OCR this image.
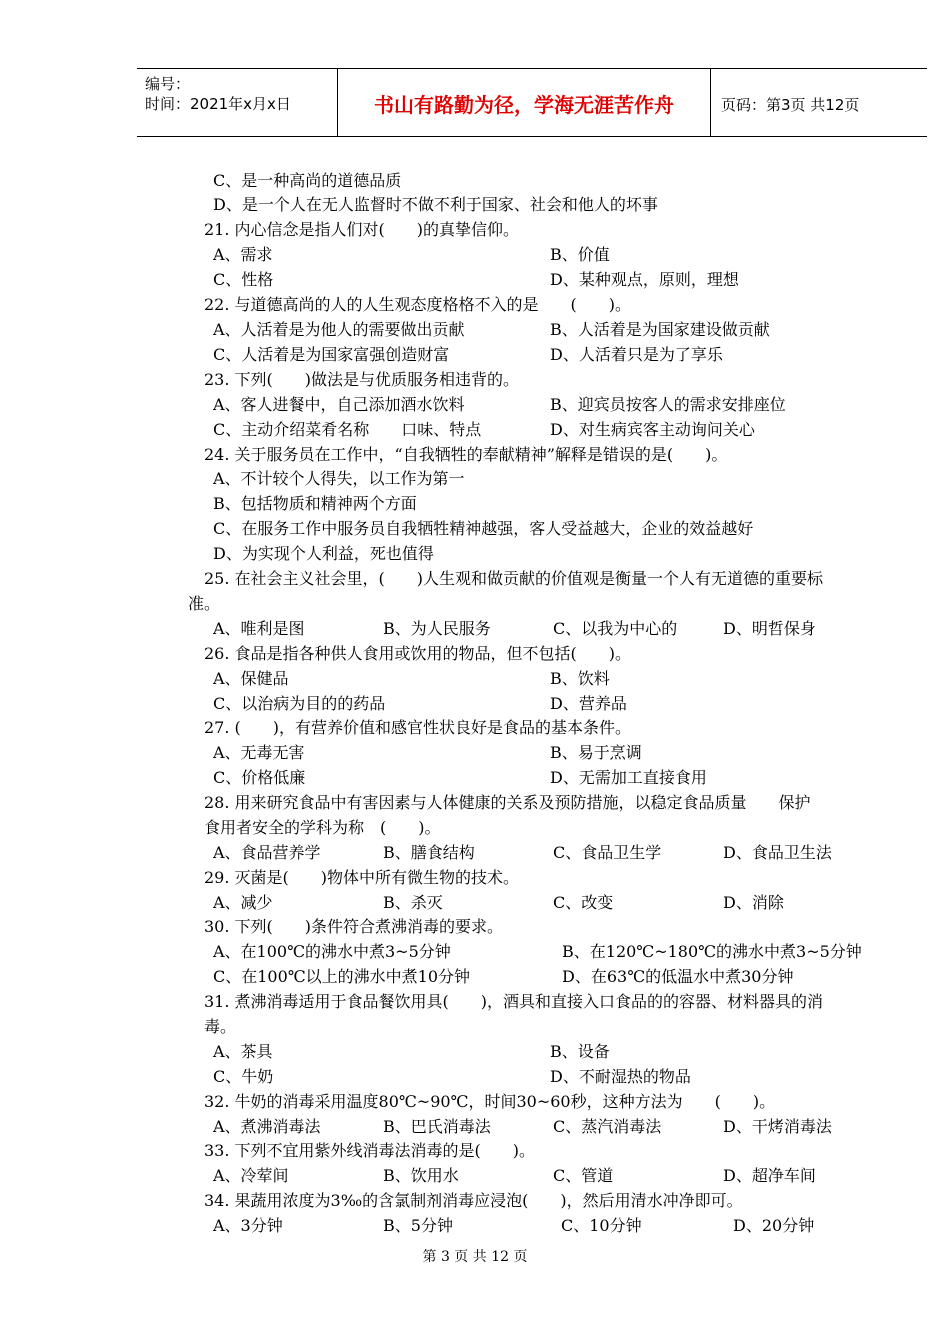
编号：
时间：2021年x月x日	书山有路勤为径，学海无涯苦作舟	页码：第3页 共12页
C、是一种高尚的道德品质
D、是一个人在无人监督时不做不利于国家、社会和他人的坏事
21. 内心信念是指人们对(　　)的真挚信仰。
A、需求	B、价值
C、性格	D、某种观点，原则，理想
22. 与道德高尚的人的人生观态度格格不入的是　　(　　)。
A、人活着是为他人的需要做出贡献	B、人活着是为国家建设做贡献
C、人活着是为国家富强创造财富	D、人活着只是为了享乐
23. 下列(　　)做法是与优质服务相违背的。
A、客人进餐中，自己添加酒水饮料	B、迎宾员按客人的需求安排座位
C、主动介绍菜肴名称　　口味、特点	D、对生病宾客主动询问关心
24. 关于服务员在工作中，“自我牺牲的奉献精神”解释是错误的是(　　)。
A、不计较个人得失，以工作为第一
B、包括物质和精神两个方面
C、在服务工作中服务员自我牺牲精神越强，客人受益越大，企业的效益越好
D、为实现个人利益，死也值得
25. 在社会主义社会里，(　　)人生观和做贡献的价值观是衡量一个人有无道德的重要标
准。
A、唯利是图	B、为人民服务	C、以我为中心的	D、明哲保身
26. 食品是指各种供人食用或饮用的物品，但不包括(　　)。
A、保健品	B、饮料
C、以治病为目的的药品	D、营养品
27. (　　)，有营养价值和感官性状良好是食品的基本条件。
A、无毒无害	B、易于烹调
C、价格低廉	D、无需加工直接食用
28. 用来研究食品中有害因素与人体健康的关系及预防措施，以稳定食品质量　　保护
食用者安全的学科为称　(　　)。
A、食品营养学	B、膳食结构	C、食品卫生学	D、食品卫生法
29. 灭菌是(　　)物体中所有微生物的技术。
A、减少	B、杀灭	C、改变	D、消除
30. 下列(　　)条件符合煮沸消毒的要求。
A、在100℃的沸水中煮3~5分钟	B、在120℃~180℃的沸水中煮3~5分钟
C、在100℃以上的沸水中煮10分钟	D、在63℃的低温水中煮30分钟
31. 煮沸消毒适用于食品餐饮用具(　　)，酒具和直接入口食品的的容器、材料器具的消
毒。
A、茶具	B、设备
C、牛奶	D、不耐湿热的物品
32. 牛奶的消毒采用温度80℃~90℃，时间30~60秒，这种方法为　　(　　)。
A、煮沸消毒法	B、巴氏消毒法	C、蒸汽消毒法	D、干烤消毒法
33. 下列不宜用紫外线消毒法消毒的是(　　)。
A、冷荤间	B、饮用水	C、管道	D、超净车间
34. 果蔬用浓度为3‰的含氯制剂消毒应浸泡(　　)，然后用清水冲净即可。
A、3分钟	B、5分钟	C、10分钟	D、20分钟
第 3 页 共 12 页
